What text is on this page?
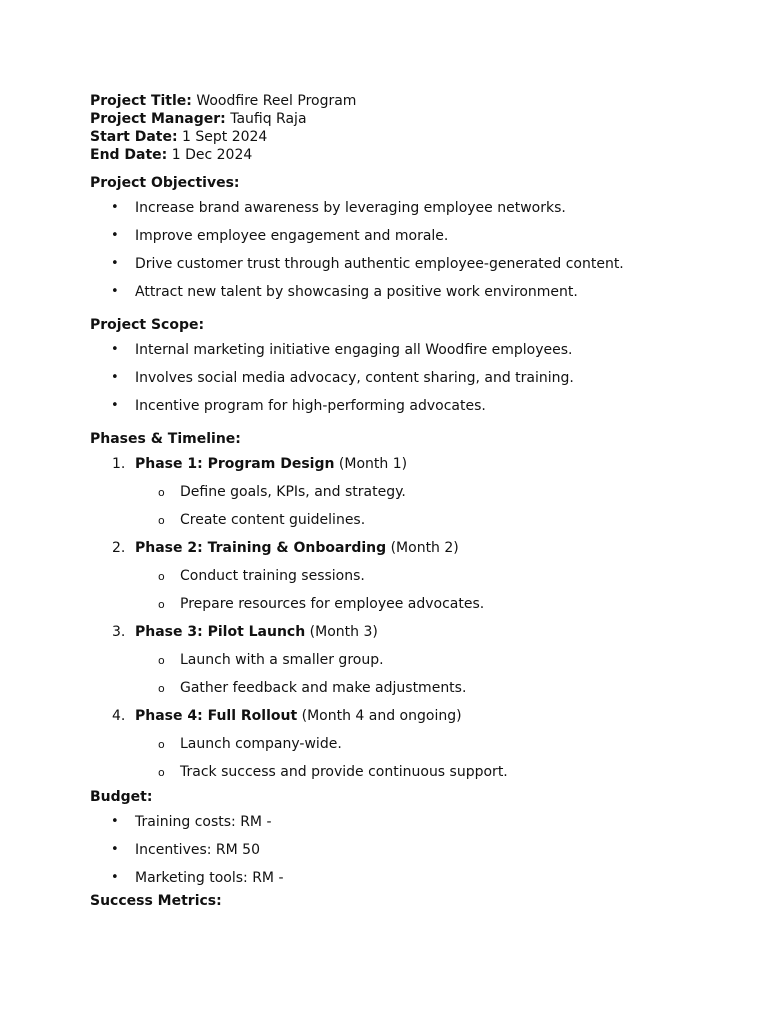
Project Title: Woodfire Reel Program
Project Manager: Taufiq Raja
Start Date: 1 Sept 2024
End Date: 1 Dec 2024
Project Objectives:
• Increase brand awareness by leveraging employee networks.
• Improve employee engagement and morale.
• Drive customer trust through authentic employee-generated content.
• Attract new talent by showcasing a positive work environment.
Project Scope:
• Internal marketing initiative engaging all Woodfire employees.
• Involves social media advocacy, content sharing, and training.
• Incentive program for high-performing advocates.
Phases & Timeline:
1. Phase 1: Program Design (Month 1)
o Define goals, KPIs, and strategy.
o Create content guidelines.
2. Phase 2: Training & Onboarding (Month 2)
o Conduct training sessions.
o Prepare resources for employee advocates.
3. Phase 3: Pilot Launch (Month 3)
o Launch with a smaller group.
o Gather feedback and make adjustments.
4. Phase 4: Full Rollout (Month 4 and ongoing)
o Launch company-wide.
o Track success and provide continuous support.
Budget:
• Training costs: RM -
• Incentives: RM 50
• Marketing tools: RM -
Success Metrics:
